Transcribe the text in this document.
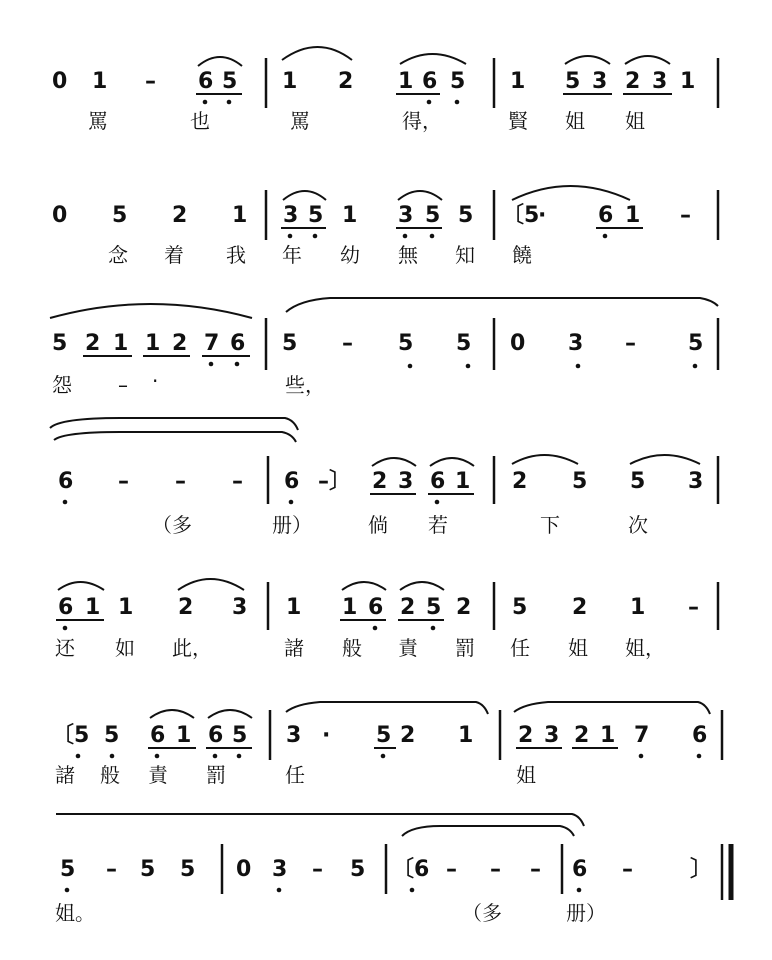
0 1 – 6 5 1 2 1 6 5 1 5 3 2 3 1
罵	也	罵	得，	賢 姐 姐
0 5 2 1 3 5 1 3 5 5 〔5
· 6 1 –
念 着 我 年 幼 無 知 饒
5 2 1 1 2 7 6 5 – 5 5 0 3 – 5
怨 – ·	些，
6 – – – 6 –〕 2 3 6 1 2 5 5 3
（多	册）	倘 若	下	次
6 1 1 2 3 1 1 6 2 5 2 5 2 1 –
还 如 此，	諸 般 責 罰 任 姐 姐，
〔5 5 6 1 6 5 3 · 5 2 1 2 3 2 1 7 6
諸 般 責 罰	任	姐
5 – 5 5 0 3 – 5 〔6 – – – 6 –	〕
姐。	（多	册）
